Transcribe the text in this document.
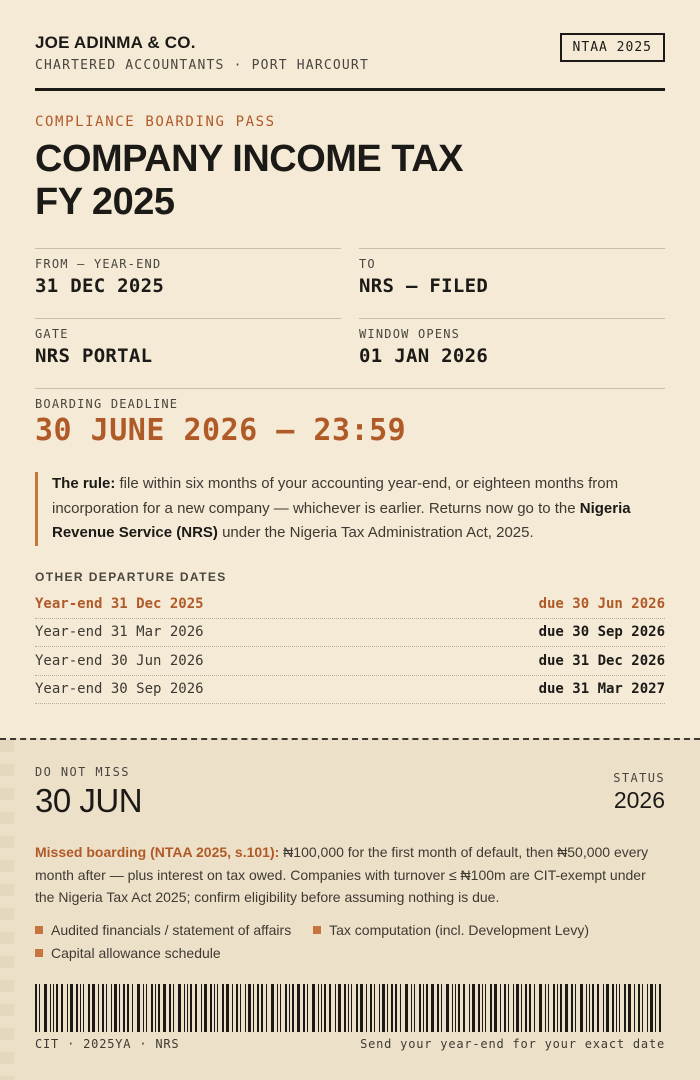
JOE ADINMA & CO.
CHARTERED ACCOUNTANTS · PORT HARCOURT
NTAA 2025
COMPLIANCE BOARDING PASS
COMPANY INCOME TAX
FY 2025
FROM — YEAR-END
31 DEC 2025
TO
NRS — FILED
GATE
NRS PORTAL
WINDOW OPENS
01 JAN 2026
BOARDING DEADLINE
30 JUNE 2026 — 23:59
The rule: file within six months of your accounting year-end, or eighteen months from incorporation for a new company — whichever is earlier. Returns now go to the Nigeria Revenue Service (NRS) under the Nigeria Tax Administration Act, 2025.
OTHER DEPARTURE DATES
Year-end 31 Dec 2025	due 30 Jun 2026
Year-end 31 Mar 2026	due 30 Sep 2026
Year-end 30 Jun 2026	due 31 Dec 2026
Year-end 30 Sep 2026	due 31 Mar 2027
DO NOT MISS
30 JUN
STATUS
2026
Missed boarding (NTAA 2025, s.101): ₦100,000 for the first month of default, then ₦50,000 every month after — plus interest on tax owed. Companies with turnover ≤ ₦100m are CIT-exempt under the Nigeria Tax Act 2025; confirm eligibility before assuming nothing is due.
Audited financials / statement of affairs	Tax computation (incl. Development Levy)
Capital allowance schedule
CIT · 2025YA · NRS	Send your year-end for your exact date
